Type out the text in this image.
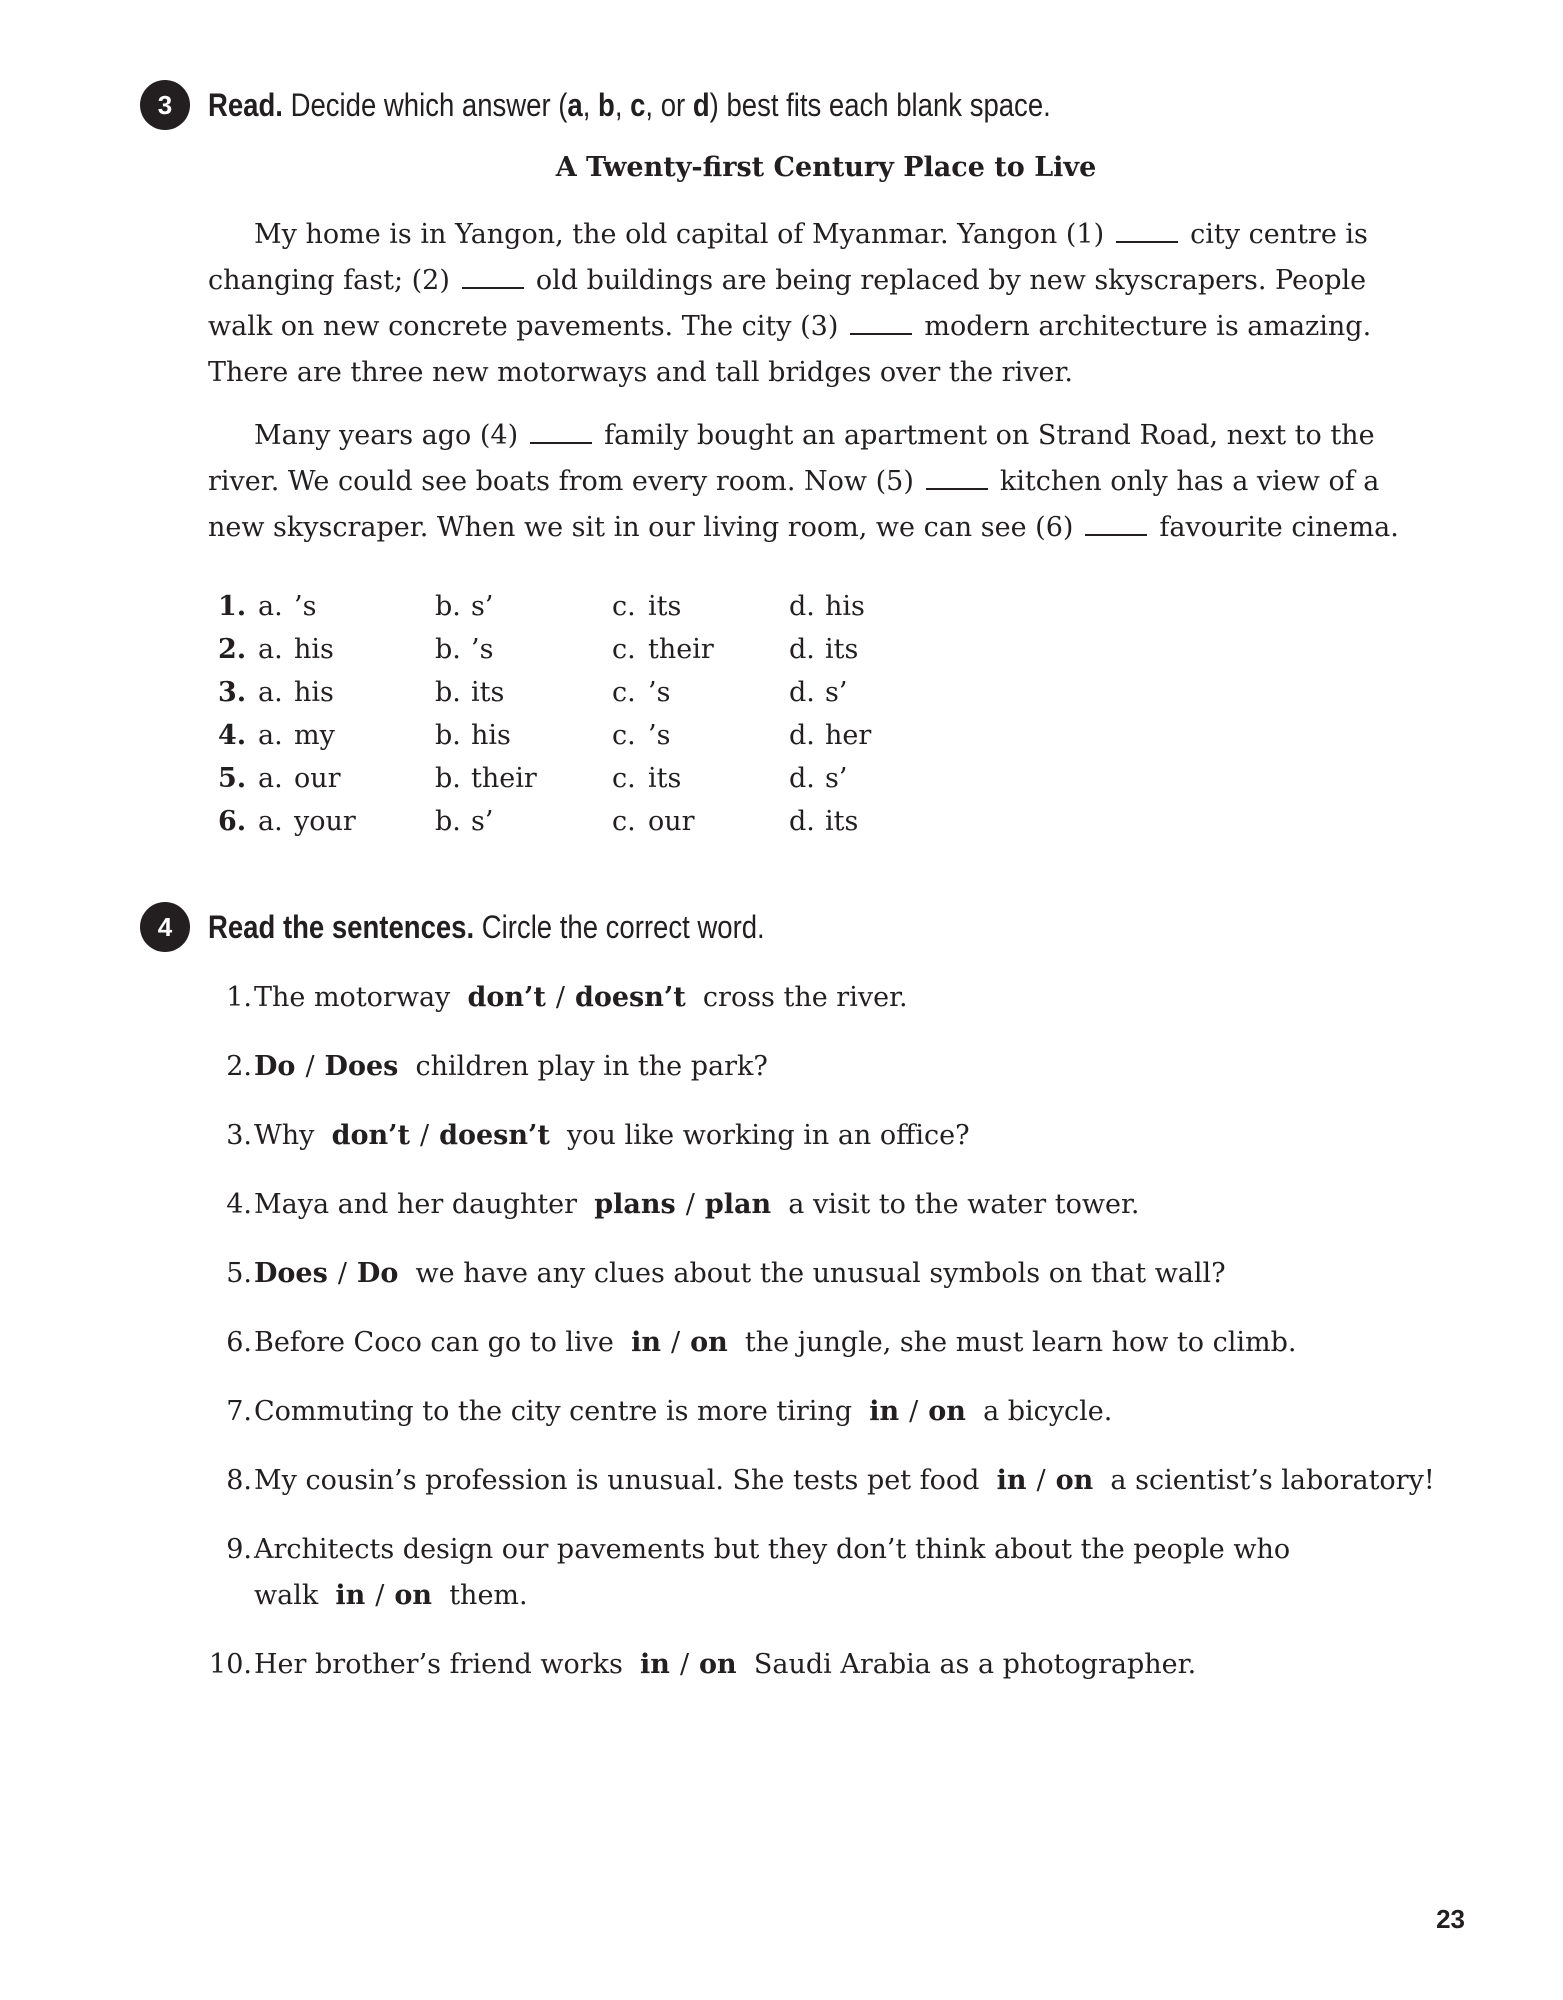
3	Read. Decide which answer (a, b, c, or d) best fits each blank space.
A Twenty-first Century Place to Live

My home is in Yangon, the old capital of Myanmar. Yangon (1)	city centre is changing fast; (2)	old buildings are being replaced by new skyscrapers. People walk on new concrete pavements. The city (3)	modern architecture is amazing. There are three new motorways and tall bridges over the river.

Many years ago (4)	family bought an apartment on Strand Road, next to the river. We could see boats from every room. Now (5)	kitchen only has a view of a new skyscraper. When we sit in our living room, we can see (6)	favourite cinema.

1. a. ’s	b. s’	c. its	d. his
2. a. his	b. ’s	c. their	d. its
3. a. his	b. its	c. ’s	d. s’
4. a. my	b. his	c. ’s	d. her
5. a. our	b. their	c. its	d. s’
6. a. your	b. s’	c. our	d. its
4	Read the sentences. Circle the correct word.
1. The motorway don’t / doesn’t cross the river.
2. Do / Does children play in the park?
3. Why don’t / doesn’t you like working in an office?
4. Maya and her daughter plans / plan a visit to the water tower.
5. Does / Do we have any clues about the unusual symbols on that wall?
6. Before Coco can go to live in / on the jungle, she must learn how to climb.
7. Commuting to the city centre is more tiring in / on a bicycle.
8. My cousin’s profession is unusual. She tests pet food in / on a scientist’s laboratory!
9. Architects design our pavements but they don’t think about the people who walk in / on them.
10. Her brother’s friend works in / on Saudi Arabia as a photographer.
23
